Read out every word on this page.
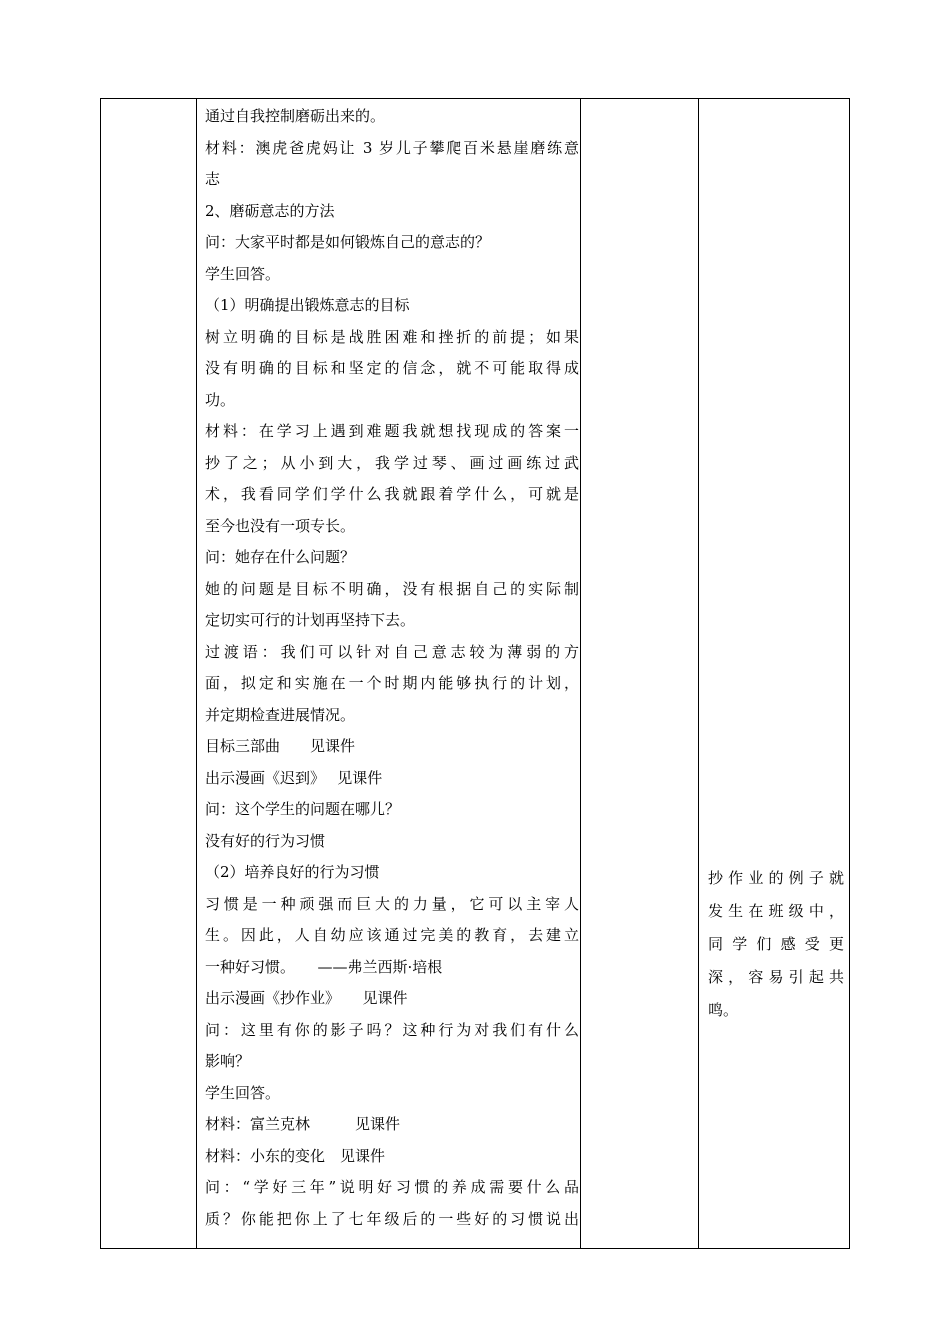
通过自我控制磨砺出来的。
材料：澳虎爸虎妈让 3 岁儿子攀爬百米悬崖磨练意
志
2、磨砺意志的方法
问：大家平时都是如何锻炼自己的意志的？
学生回答。
（1）明确提出锻炼意志的目标
树立明确的目标是战胜困难和挫折的前提；如果
没有明确的目标和坚定的信念，就不可能取得成
功。
材料：在学习上遇到难题我就想找现成的答案一
抄了之；从小到大，我学过琴、画过画练过武
术，我看同学们学什么我就跟着学什么，可就是
至今也没有一项专长。
问：她存在什么问题？
她的问题是目标不明确，没有根据自己的实际制
定切实可行的计划再坚持下去。
过渡语：我们可以针对自己意志较为薄弱的方
面，拟定和实施在一个时期内能够执行的计划，
并定期检查进展情况。
目标三部曲　　见课件
出示漫画《迟到》　 见课件
问：这个学生的问题在哪儿？
没有好的行为习惯
（2）培养良好的行为习惯
习惯是一种顽强而巨大的力量，它可以主宰人
生。因此，人自幼应该通过完美的教育，去建立
一种好习惯。　　——弗兰西斯·培根
出示漫画《抄作业》　　见课件
问：这里有你的影子吗？这种行为对我们有什么
影响？
学生回答。
材料：富兰克林　　　见课件
材料：小东的变化　见课件
问：“学好三年”说明好习惯的养成需要什么品
质？你能把你上了七年级后的一些好的习惯说出
抄作业的例子就
发生在班级中，
同学们感受更
深，容易引起共
鸣。
